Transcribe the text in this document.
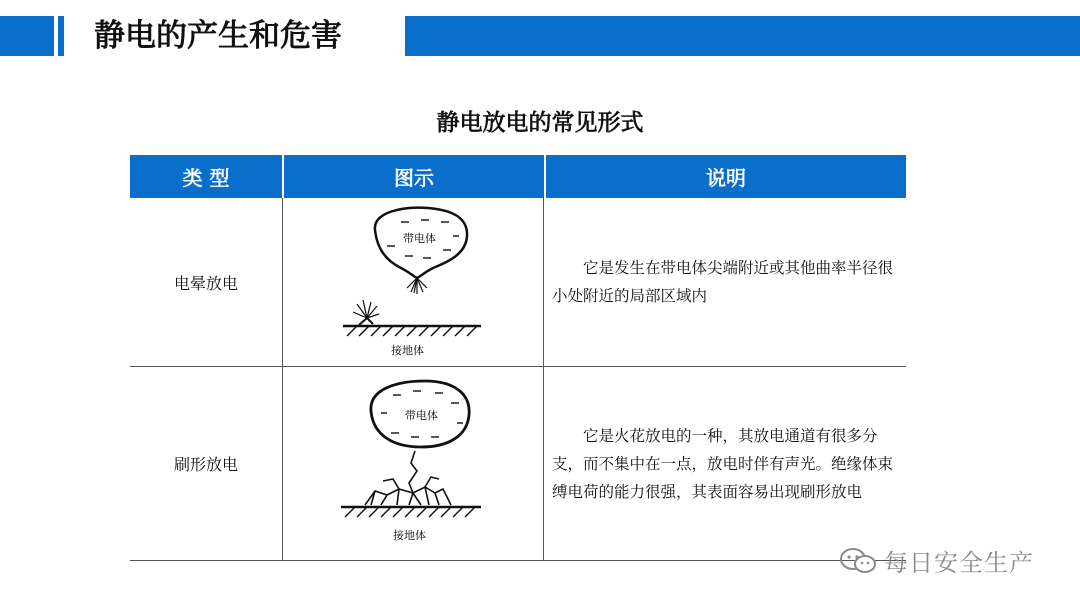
静电的产生和危害
静电放电的常见形式
类 型	图示	说明
电晕放电
带电体
接地体
它是发生在带电体尖端附近或其他曲率半径很小处附近的局部区域内
刷形放电
带电体
接地体
它是火花放电的一种，其放电通道有很多分支，而不集中在一点，放电时伴有声光。绝缘体束缚电荷的能力很强，其表面容易出现刷形放电
每日安全生产
